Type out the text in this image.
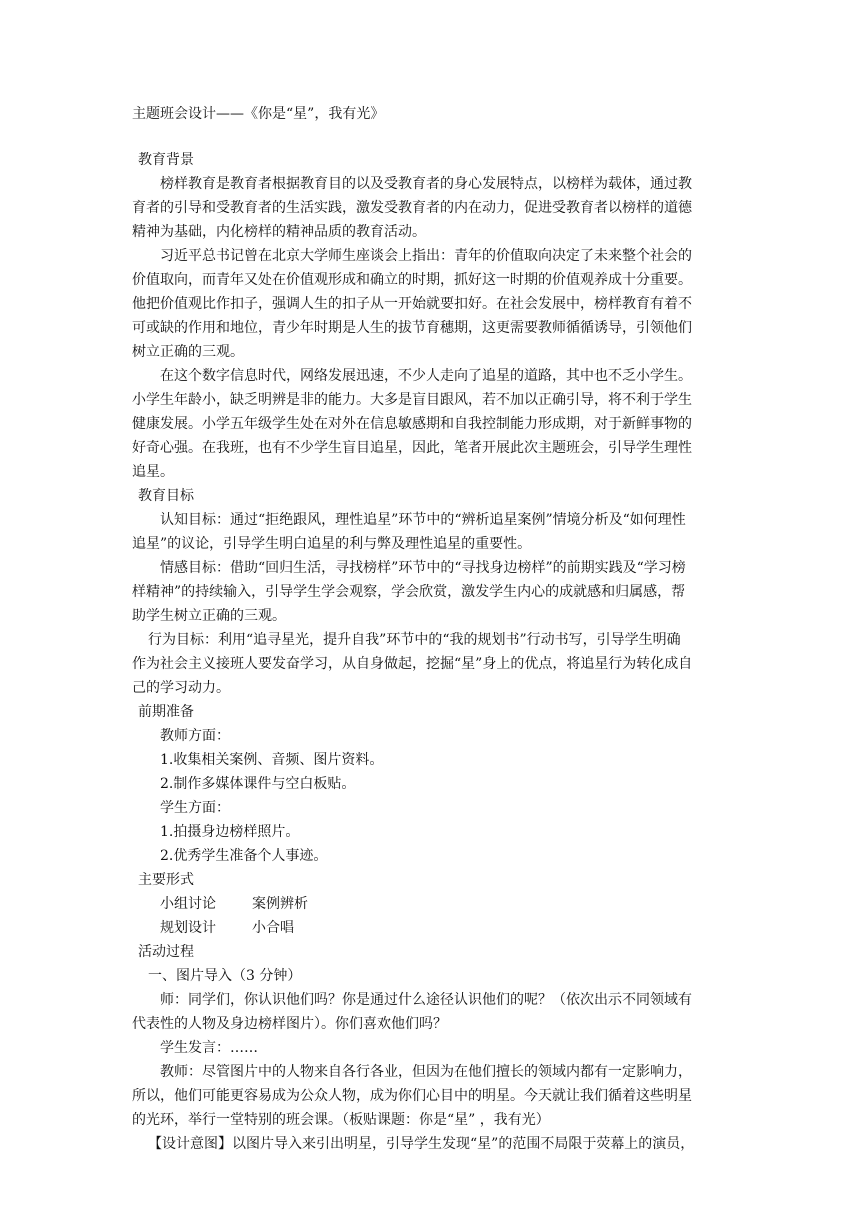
主题班会设计——《你是“星”，我有光》
教育背景
榜样教育是教育者根据教育目的以及受教育者的身心发展特点，以榜样为载体，通过教
育者的引导和受教育者的生活实践，激发受教育者的内在动力，促进受教育者以榜样的道德
精神为基础，内化榜样的精神品质的教育活动。
习近平总书记曾在北京大学师生座谈会上指出：青年的价值取向决定了未来整个社会的
价值取向，而青年又处在价值观形成和确立的时期，抓好这一时期的价值观养成十分重要。
他把价值观比作扣子，强调人生的扣子从一开始就要扣好。在社会发展中，榜样教育有着不
可或缺的作用和地位，青少年时期是人生的拔节育穗期，这更需要教师循循诱导，引领他们
树立正确的三观。
在这个数字信息时代，网络发展迅速，不少人走向了追星的道路，其中也不乏小学生。
小学生年龄小，缺乏明辨是非的能力。大多是盲目跟风，若不加以正确引导，将不利于学生
健康发展。小学五年级学生处在对外在信息敏感期和自我控制能力形成期，对于新鲜事物的
好奇心强。在我班，也有不少学生盲目追星，因此，笔者开展此次主题班会，引导学生理性
追星。
教育目标
认知目标：通过“拒绝跟风，理性追星”环节中的“辨析追星案例”情境分析及“如何理性
追星”的议论，引导学生明白追星的利与弊及理性追星的重要性。
情感目标：借助“回归生活，寻找榜样”环节中的“寻找身边榜样”的前期实践及“学习榜
样精神”的持续输入，引导学生学会观察，学会欣赏，激发学生内心的成就感和归属感，帮
助学生树立正确的三观。
行为目标：利用“追寻星光，提升自我”环节中的“我的规划书”行动书写，引导学生明确
作为社会主义接班人要发奋学习，从自身做起，挖掘“星”身上的优点，将追星行为转化成自
己的学习动力。
前期准备
教师方面：
1.收集相关案例、音频、图片资料。
2.制作多媒体课件与空白板贴。
学生方面：
1.拍摄身边榜样照片。
2.优秀学生准备个人事迹。
主要形式
小组讨论	案例辨析
规划设计	小合唱
活动过程
一、图片导入（3 分钟）
师：同学们，你认识他们吗？你是通过什么途径认识他们的呢？（依次出示不同领域有
代表性的人物及身边榜样图片）。你们喜欢他们吗？
学生发言：……
教师：尽管图片中的人物来自各行各业，但因为在他们擅长的领域内都有一定影响力，
所以，他们可能更容易成为公众人物，成为你们心目中的明星。今天就让我们循着这些明星
的光环，举行一堂特别的班会课。（板贴课题：你是“星” ，我有光）
【设计意图】以图片导入来引出明星，引导学生发现“星”的范围不局限于荧幕上的演员，
